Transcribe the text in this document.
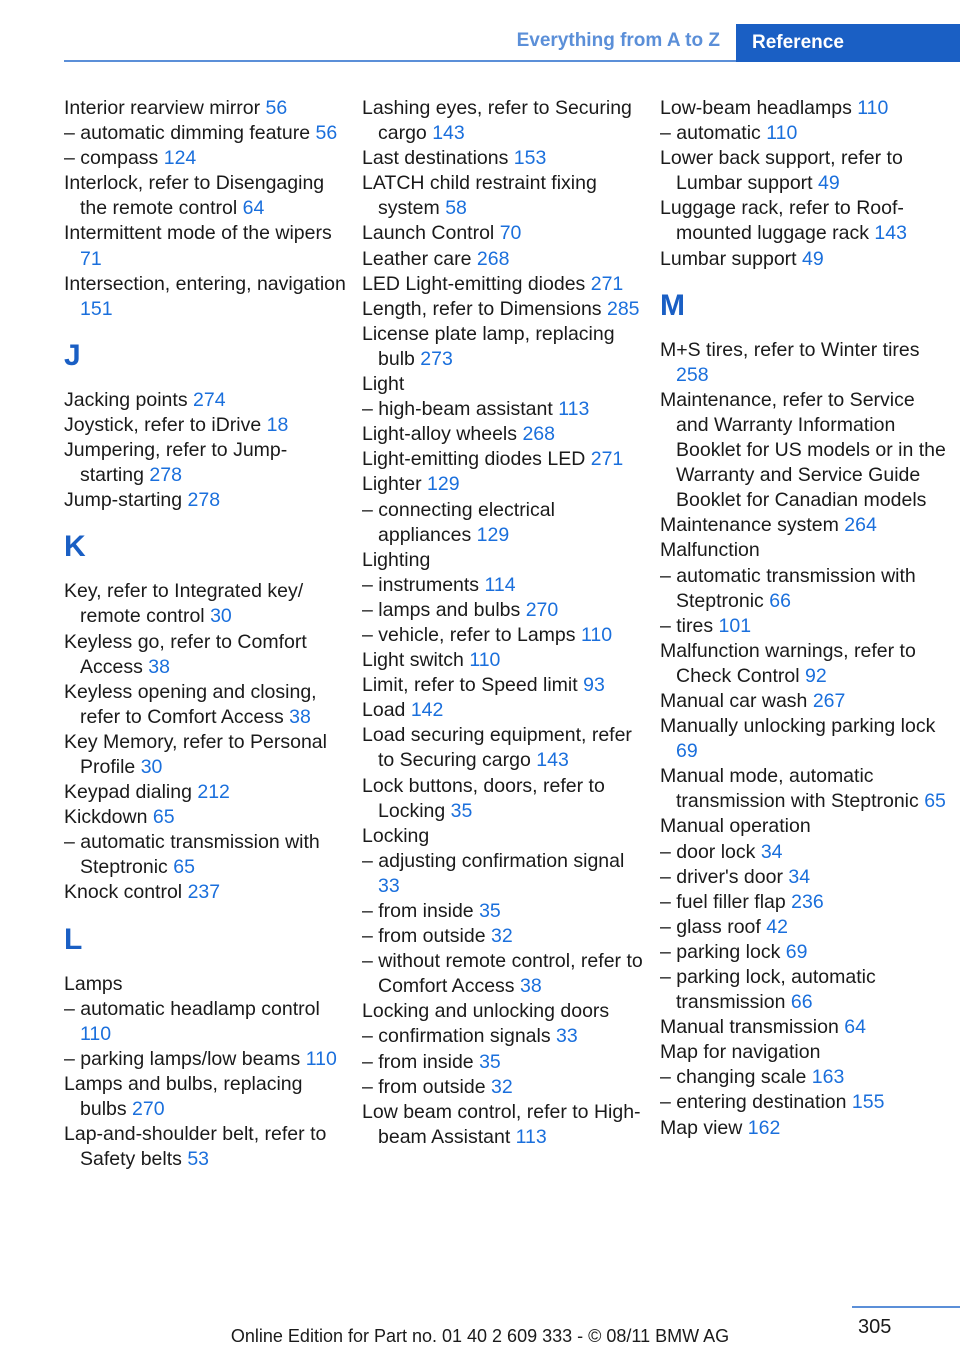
Everything from A to Z	Reference
Interior rearview mirror 56
– automatic dimming feature 56
– compass 124
Interlock, refer to Disengaging the remote control 64
Intermittent mode of the wipers 71
Intersection, entering, navigation 151
J
Jacking points 274
Joystick, refer to iDrive 18
Jumpering, refer to Jump-starting 278
Jump-starting 278
K
Key, refer to Integrated key/ remote control 30
Keyless go, refer to Comfort Access 38
Keyless opening and closing, refer to Comfort Access 38
Key Memory, refer to Personal Profile 30
Keypad dialing 212
Kickdown 65
– automatic transmission with Steptronic 65
Knock control 237
L
Lamps
– automatic headlamp control 110
– parking lamps/low beams 110
Lamps and bulbs, replacing bulbs 270
Lap-and-shoulder belt, refer to Safety belts 53
Lashing eyes, refer to Securing cargo 143
Last destinations 153
LATCH child restraint fixing system 58
Launch Control 70
Leather care 268
LED Light-emitting diodes 271
Length, refer to Dimensions 285
License plate lamp, replacing bulb 273
Light
– high-beam assistant 113
Light-alloy wheels 268
Light-emitting diodes LED 271
Lighter 129
– connecting electrical appliances 129
Lighting
– instruments 114
– lamps and bulbs 270
– vehicle, refer to Lamps 110
Light switch 110
Limit, refer to Speed limit 93
Load 142
Load securing equipment, refer to Securing cargo 143
Lock buttons, doors, refer to Locking 35
Locking
– adjusting confirmation signal 33
– from inside 35
– from outside 32
– without remote control, refer to Comfort Access 38
Locking and unlocking doors
– confirmation signals 33
– from inside 35
– from outside 32
Low beam control, refer to High-beam Assistant 113
Low-beam headlamps 110
– automatic 110
Lower back support, refer to Lumbar support 49
Luggage rack, refer to Roof-mounted luggage rack 143
Lumbar support 49
M
M+S tires, refer to Winter tires 258
Maintenance, refer to Service and Warranty Information Booklet for US models or in the Warranty and Service Guide Booklet for Canadian models
Maintenance system 264
Malfunction
– automatic transmission with Steptronic 66
– tires 101
Malfunction warnings, refer to Check Control 92
Manual car wash 267
Manually unlocking parking lock 69
Manual mode, automatic transmission with Steptronic 65
Manual operation
– door lock 34
– driver's door 34
– fuel filler flap 236
– glass roof 42
– parking lock 69
– parking lock, automatic transmission 66
Manual transmission 64
Map for navigation
– changing scale 163
– entering destination 155
Map view 162
305
Online Edition for Part no. 01 40 2 609 333 - © 08/11 BMW AG
